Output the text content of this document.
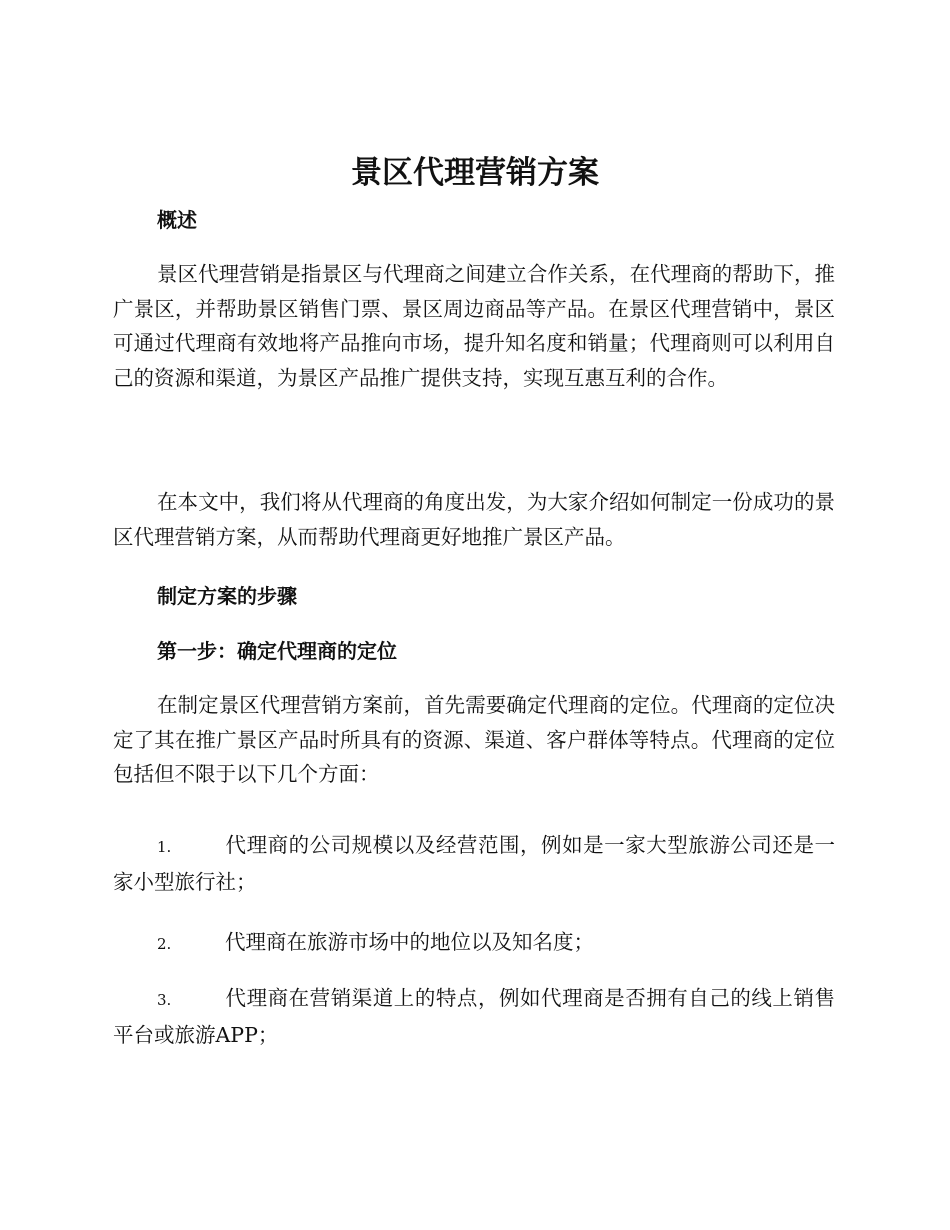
景区代理营销方案
概述

景区代理营销是指景区与代理商之间建立合作关系，在代理商的帮助下，推广景区，并帮助景区销售门票、景区周边商品等产品。在景区代理营销中，景区可通过代理商有效地将产品推向市场，提升知名度和销量；代理商则可以利用自己的资源和渠道，为景区产品推广提供支持，实现互惠互利的合作。

在本文中，我们将从代理商的角度出发，为大家介绍如何制定一份成功的景区代理营销方案，从而帮助代理商更好地推广景区产品。

制定方案的步骤
第一步：确定代理商的定位

在制定景区代理营销方案前，首先需要确定代理商的定位。代理商的定位决定了其在推广景区产品时所具有的资源、渠道、客户群体等特点。代理商的定位包括但不限于以下几个方面：

1.	代理商的公司规模以及经营范围，例如是一家大型旅游公司还是一家小型旅行社；

2.	代理商在旅游市场中的地位以及知名度；

3.	代理商在营销渠道上的特点，例如代理商是否拥有自己的线上销售平台或旅游APP；
